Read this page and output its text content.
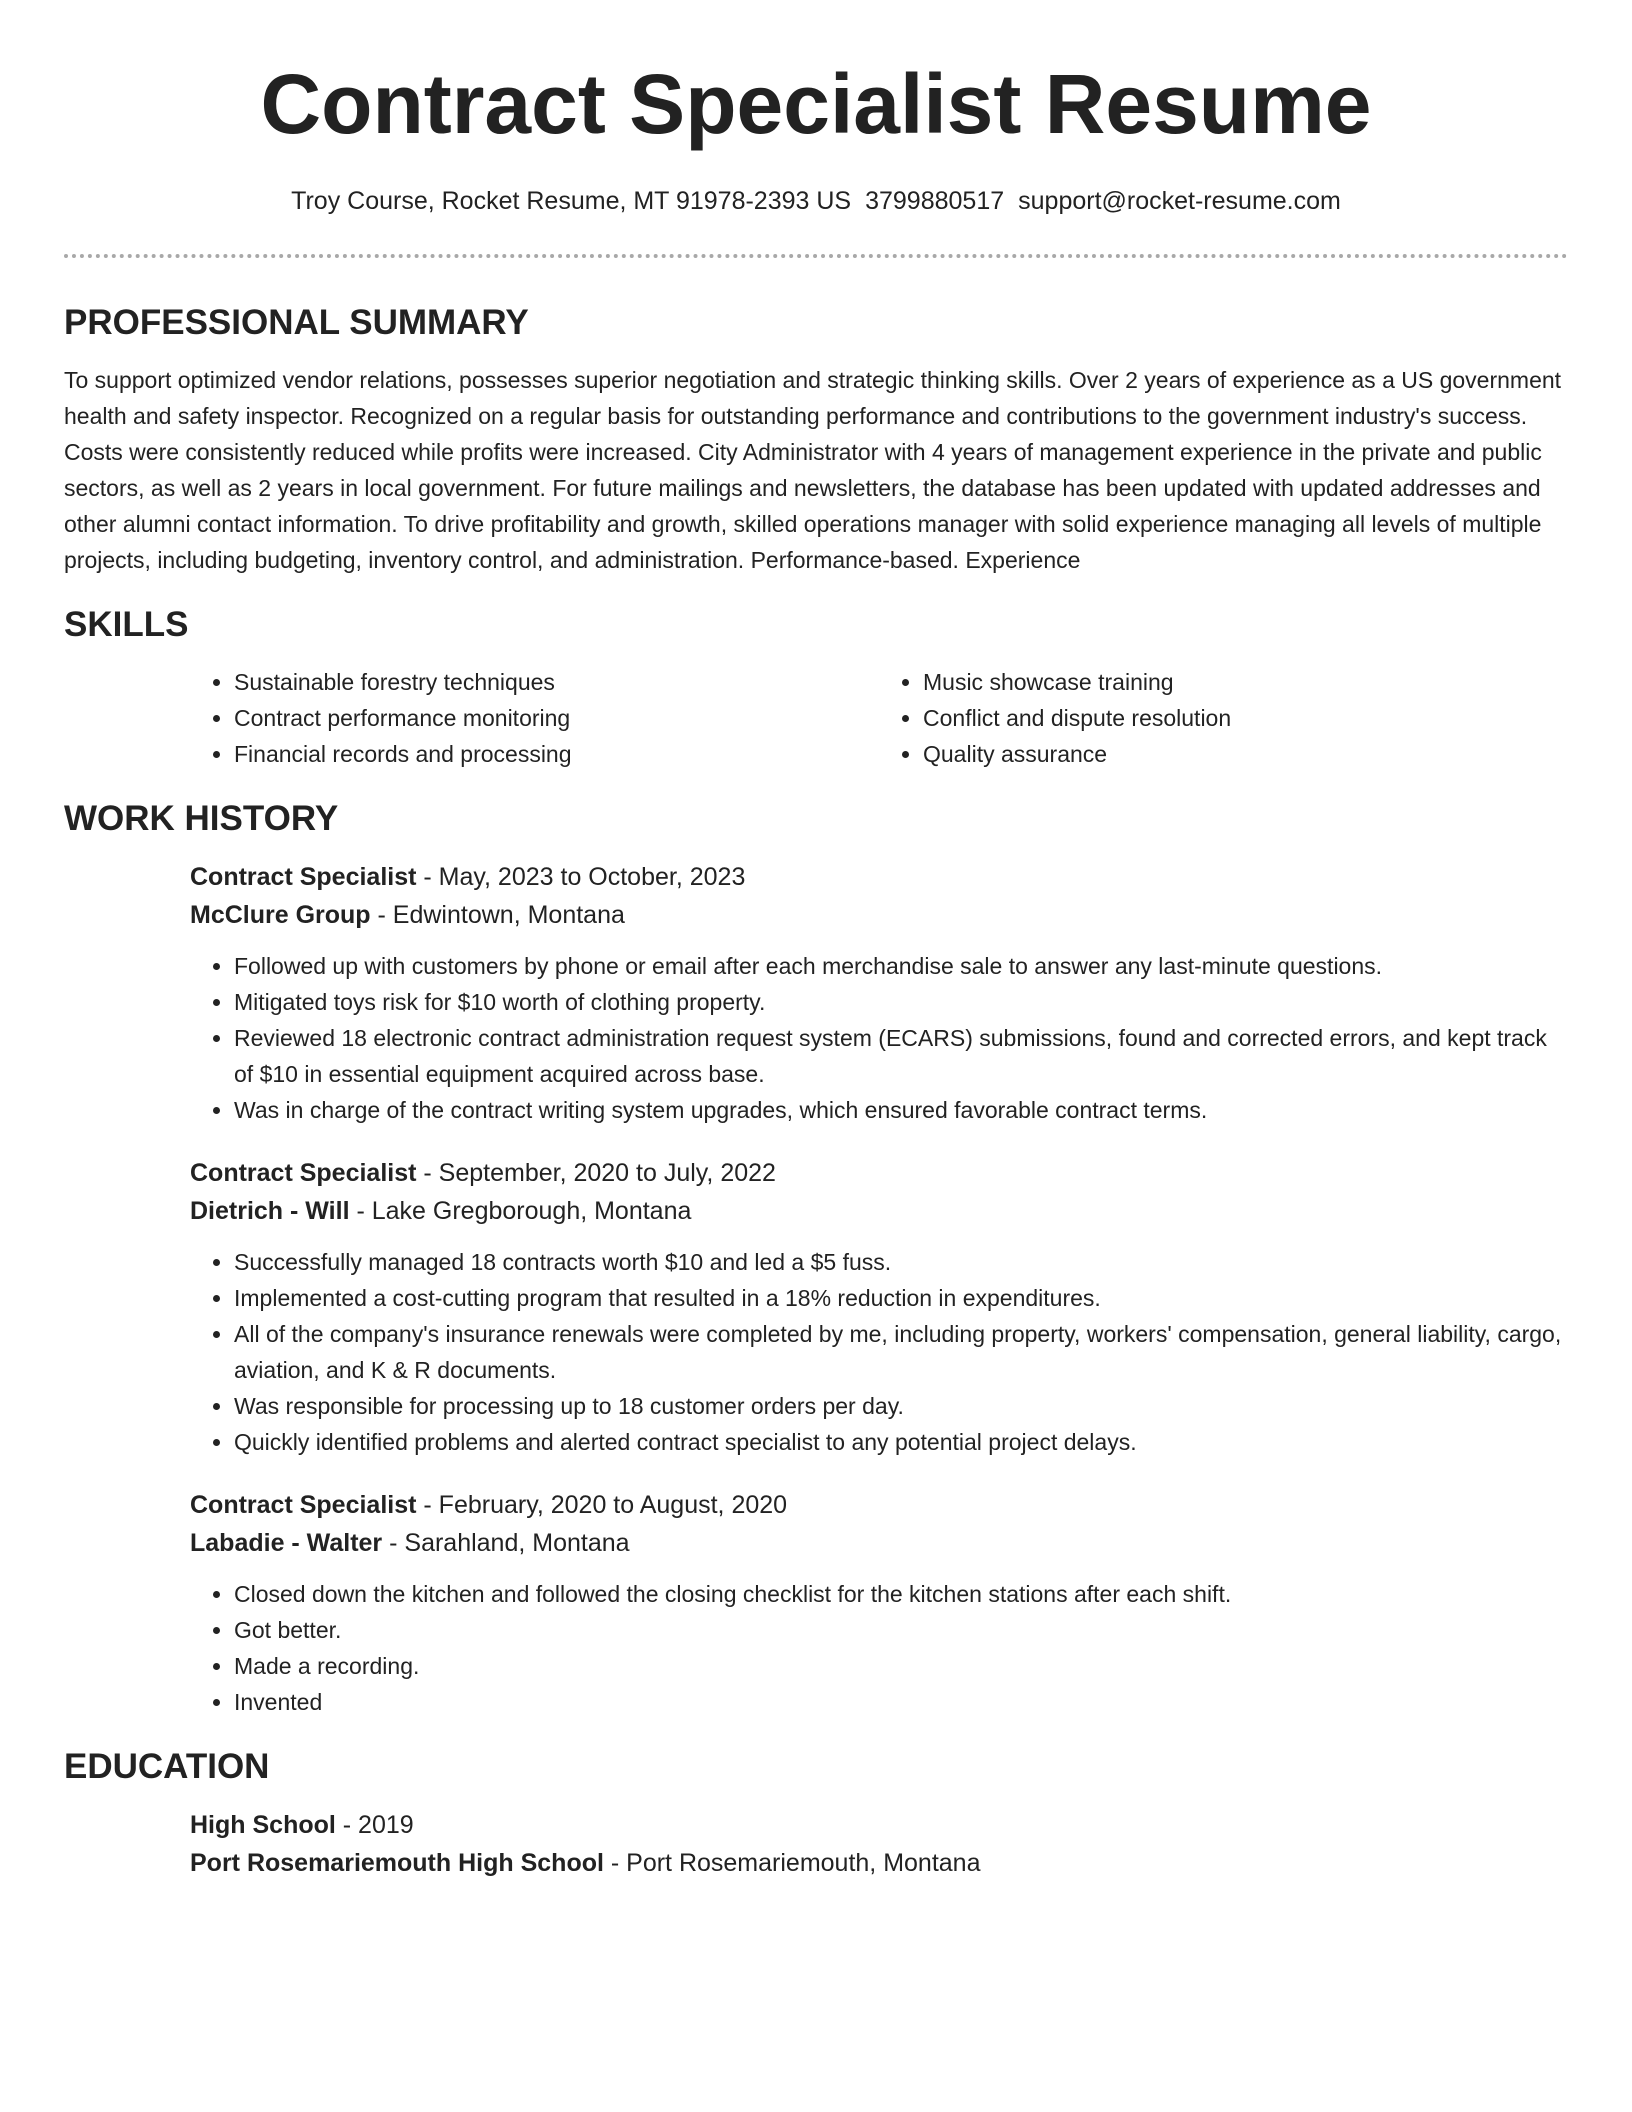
Contract Specialist Resume
Troy Course, Rocket Resume, MT 91978-2393 US 3799880517 support@rocket-resume.com
PROFESSIONAL SUMMARY

To support optimized vendor relations, possesses superior negotiation and strategic thinking skills. Over 2 years of experience as a US government health and safety inspector. Recognized on a regular basis for outstanding performance and contributions to the government industry's success. Costs were consistently reduced while profits were increased. City Administrator with 4 years of management experience in the private and public sectors, as well as 2 years in local government. For future mailings and newsletters, the database has been updated with updated addresses and other alumni contact information. To drive profitability and growth, skilled operations manager with solid experience managing all levels of multiple projects, including budgeting, inventory control, and administration. Performance-based. Experience

SKILLS
• Sustainable forestry techniques
• Contract performance monitoring
• Financial records and processing
• Music showcase training
• Conflict and dispute resolution
• Quality assurance
WORK HISTORY
Contract Specialist - May, 2023 to October, 2023
McClure Group - Edwintown, Montana
• Followed up with customers by phone or email after each merchandise sale to answer any last-minute questions.
• Mitigated toys risk for $10 worth of clothing property.
• Reviewed 18 electronic contract administration request system (ECARS) submissions, found and corrected errors, and kept track of $10 in essential equipment acquired across base.
• Was in charge of the contract writing system upgrades, which ensured favorable contract terms.
Contract Specialist - September, 2020 to July, 2022
Dietrich - Will - Lake Gregborough, Montana
• Successfully managed 18 contracts worth $10 and led a $5 fuss.
• Implemented a cost-cutting program that resulted in a 18% reduction in expenditures.
• All of the company's insurance renewals were completed by me, including property, workers' compensation, general liability, cargo, aviation, and K & R documents.
• Was responsible for processing up to 18 customer orders per day.
• Quickly identified problems and alerted contract specialist to any potential project delays.
Contract Specialist - February, 2020 to August, 2020
Labadie - Walter - Sarahland, Montana
• Closed down the kitchen and followed the closing checklist for the kitchen stations after each shift.
• Got better.
• Made a recording.
• Invented
EDUCATION
High School - 2019
Port Rosemariemouth High School - Port Rosemariemouth, Montana
